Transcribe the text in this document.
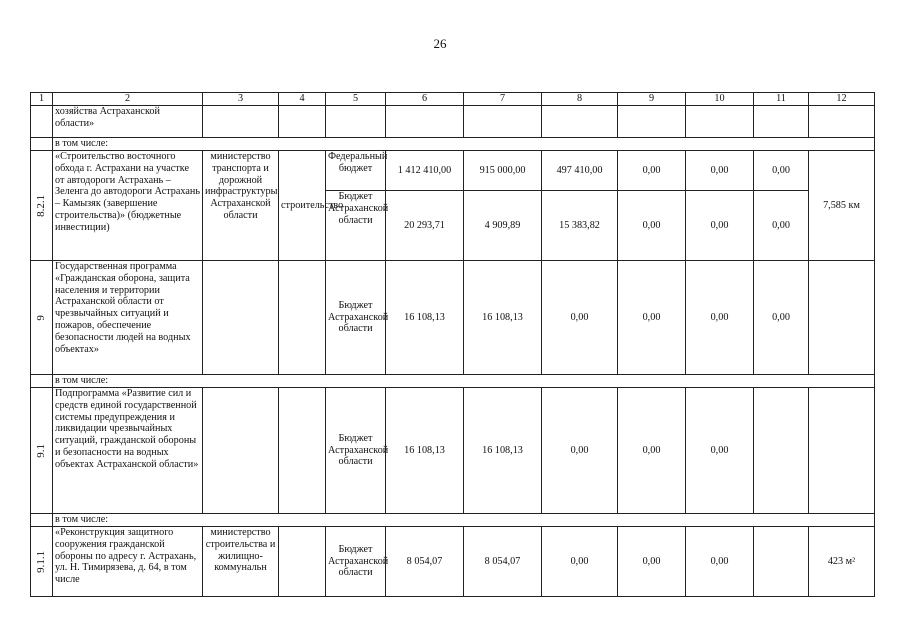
26
1	2	3	4	5	6	7	8	9	10	11	12
	хозяйства Астраханской области»										
	в том числе:										
8.2.1	«Строительство восточного обхода г. Астрахани на участке от автодороги Астрахань – Зеленга до автодороги Астрахань – Камызяк (завершение строительства)» (бюджетные инвестиции)	министерство транспорта и дорожной инфраструктуры Астраханской области	строительство	Федеральный бюджет	1 412 410,00	915 000,00	497 410,00	0,00	0,00	0,00	7,585 км
				Бюджет Астраханской области	20 293,71	4 909,89	15 383,82	0,00	0,00	0,00	
9	Государственная программа «Гражданская оборона, защита населения и территории Астраханской области от чрезвычайных ситуаций и пожаров, обеспечение безопасности людей на водных объектах»			Бюджет Астраханской области	16 108,13	16 108,13	0,00	0,00	0,00	0,00	
	в том числе:										
9.1	Подпрограмма «Развитие сил и средств единой государственной системы предупреждения и ликвидации чрезвычайных ситуаций, гражданской обороны и безопасности на водных объектах Астраханской области»			Бюджет Астраханской области	16 108,13	16 108,13	0,00	0,00	0,00		
	в том числе:										
9.1.1	«Реконструкция защитного сооружения гражданской обороны по адресу г. Астрахань, ул. Н. Тимирязева, д. 64, в том числе	министерство строительства и жилищно-коммунальн		Бюджет Астраханской области	8 054,07	8 054,07	0,00	0,00	0,00		423 м²
